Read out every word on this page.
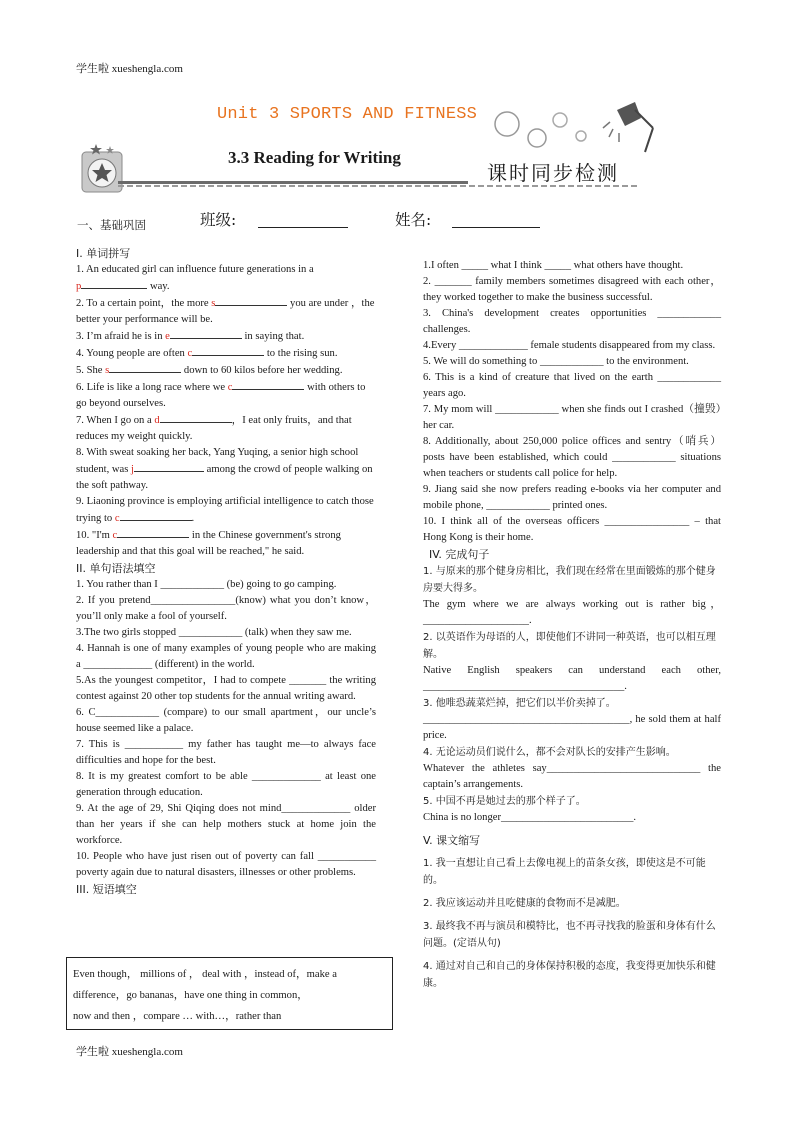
学生啦 xueshengla.com
Unit 3 SPORTS AND FITNESS
3.3 Reading for Writing
课时同步检测
一、基础巩固	班级:	姓名:

I. 单词拼写

1. An educated girl can influence future generations in a
p	way.

2. To a certain point，the more s	you are under ，the better your performance will be.

3. I’m afraid he is in e	in saying that.

4. Young people are often c	to the rising sun.

5. She s	down to 60 kilos before her wedding.

6. Life is like a long race where we c	with others to go beyond ourselves.

7. When I go on a d	，I eat only fruits，and that reduces my weight quickly.

8. With sweat soaking her back, Yang Yuqing, a senior high school student, was j	among the crowd of people walking on the soft pathway.

9. Liaoning province is employing artificial intelligence to catch those trying to c	.

10. "I'm c	in the Chinese government's strong leadership and that this goal will be reached," he said.

II. 单句语法填空

1. You rather than I ____________ (be) going to go camping.

2. If you pretend________________(know) what you don’t know，you’ll only make a fool of yourself.

3.The two girls stopped ____________ (talk) when they saw me.

4. Hannah is one of many examples of young people who are making a _____________ (different) in the world.

5.As the youngest competitor，I had to compete _______ the writing contest against 20 other top students for the annual writing award.

6. C____________ (compare) to our small apartment，our uncle’s house seemed like a palace.

7. This is ___________ my father has taught me—to always face difficulties and hope for the best.

8. It is my greatest comfort to be able _____________ at least one generation through education.

9. At the age of 29, Shi Qiqing does not mind_____________ older than her years if she can help mothers stuck at home join the workforce.

10. People who have just risen out of poverty can fall ___________ poverty again due to natural disasters, illnesses or other problems.

III. 短语填空

Even though， millions of ， deal with ，instead of，make a

difference，go bananas，have one thing in common，

now and then ，compare … with…，rather than

1.I often _____ what I think _____ what others have thought.

2. _______ family members sometimes disagreed with each other，they worked together to make the business successful.

3. China's development creates opportunities ____________ challenges.

4.Every _____________ female students disappeared from my class.

5. We will do something to ____________ to the environment.

6. This is a kind of creature that lived on the earth ____________ years ago.

7. My mom will ____________ when she finds out I crashed（撞毁）her car.

8. Additionally, about 250,000 police offices and sentry（哨兵）posts have been established, which could ____________ situations when teachers or students call police for help.

9. Jiang said she now prefers reading e-books via her computer and mobile phone, ____________ printed ones.

10. I think all of the overseas officers ________________ – that Hong Kong is their home.

IV. 完成句子

1. 与原来的那个健身房相比，我们现在经常在里面锻炼的那个健身房要大得多。

The gym where we are always working out is rather big，____________________.

2. 以英语作为母语的人，即使他们不讲同一种英语，也可以相互理解。

Native English speakers can understand each other, ______________________________________.

3. 他唯恐蔬菜烂掉，把它们以半价卖掉了。

_______________________________________, he sold them at half price.

4. 无论运动员们说什么，都不会对队长的安排产生影响。

Whatever the athletes say_____________________________ the captain’s arrangements.

5. 中国不再是她过去的那个样子了。

China is no longer_________________________.

V. 课文缩写

1. 我一直想让自己看上去像电视上的苗条女孩，即使这是不可能的。

2. 我应该运动并且吃健康的食物而不是减肥。

3. 最终我不再与演员和模特比，也不再寻找我的脸蛋和身体有什么问题。(定语从句)

4. 通过对自己和自己的身体保持积极的态度，我变得更加快乐和健康。

学生啦 xueshengla.com
